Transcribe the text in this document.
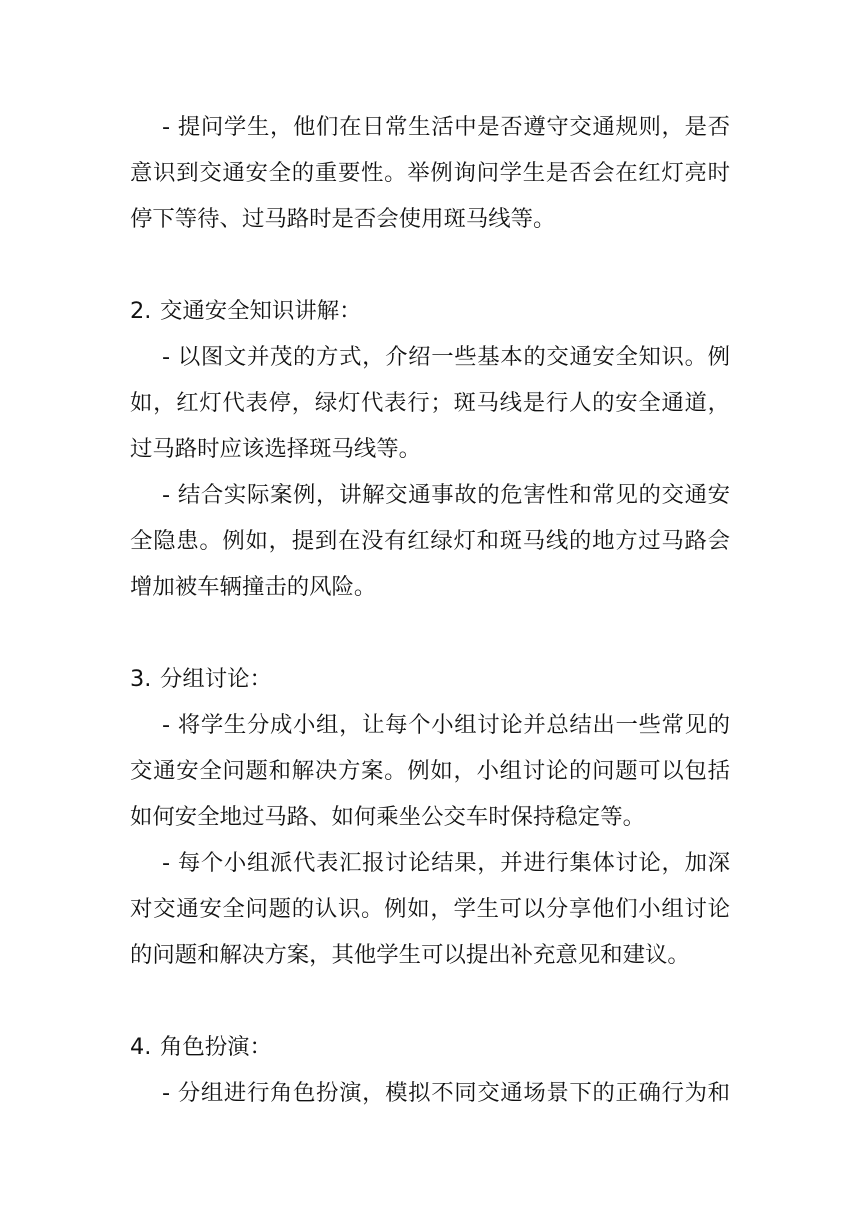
- 提问学生，他们在日常生活中是否遵守交通规则，是否
意识到交通安全的重要性。举例询问学生是否会在红灯亮时
停下等待、过马路时是否会使用斑马线等。
2. 交通安全知识讲解：
- 以图文并茂的方式，介绍一些基本的交通安全知识。例
如，红灯代表停，绿灯代表行；斑马线是行人的安全通道，
过马路时应该选择斑马线等。
- 结合实际案例，讲解交通事故的危害性和常见的交通安
全隐患。例如，提到在没有红绿灯和斑马线的地方过马路会
增加被车辆撞击的风险。
3. 分组讨论：
- 将学生分成小组，让每个小组讨论并总结出一些常见的
交通安全问题和解决方案。例如，小组讨论的问题可以包括
如何安全地过马路、如何乘坐公交车时保持稳定等。
- 每个小组派代表汇报讨论结果，并进行集体讨论，加深
对交通安全问题的认识。例如，学生可以分享他们小组讨论
的问题和解决方案，其他学生可以提出补充意见和建议。
4. 角色扮演：
- 分组进行角色扮演，模拟不同交通场景下的正确行为和
